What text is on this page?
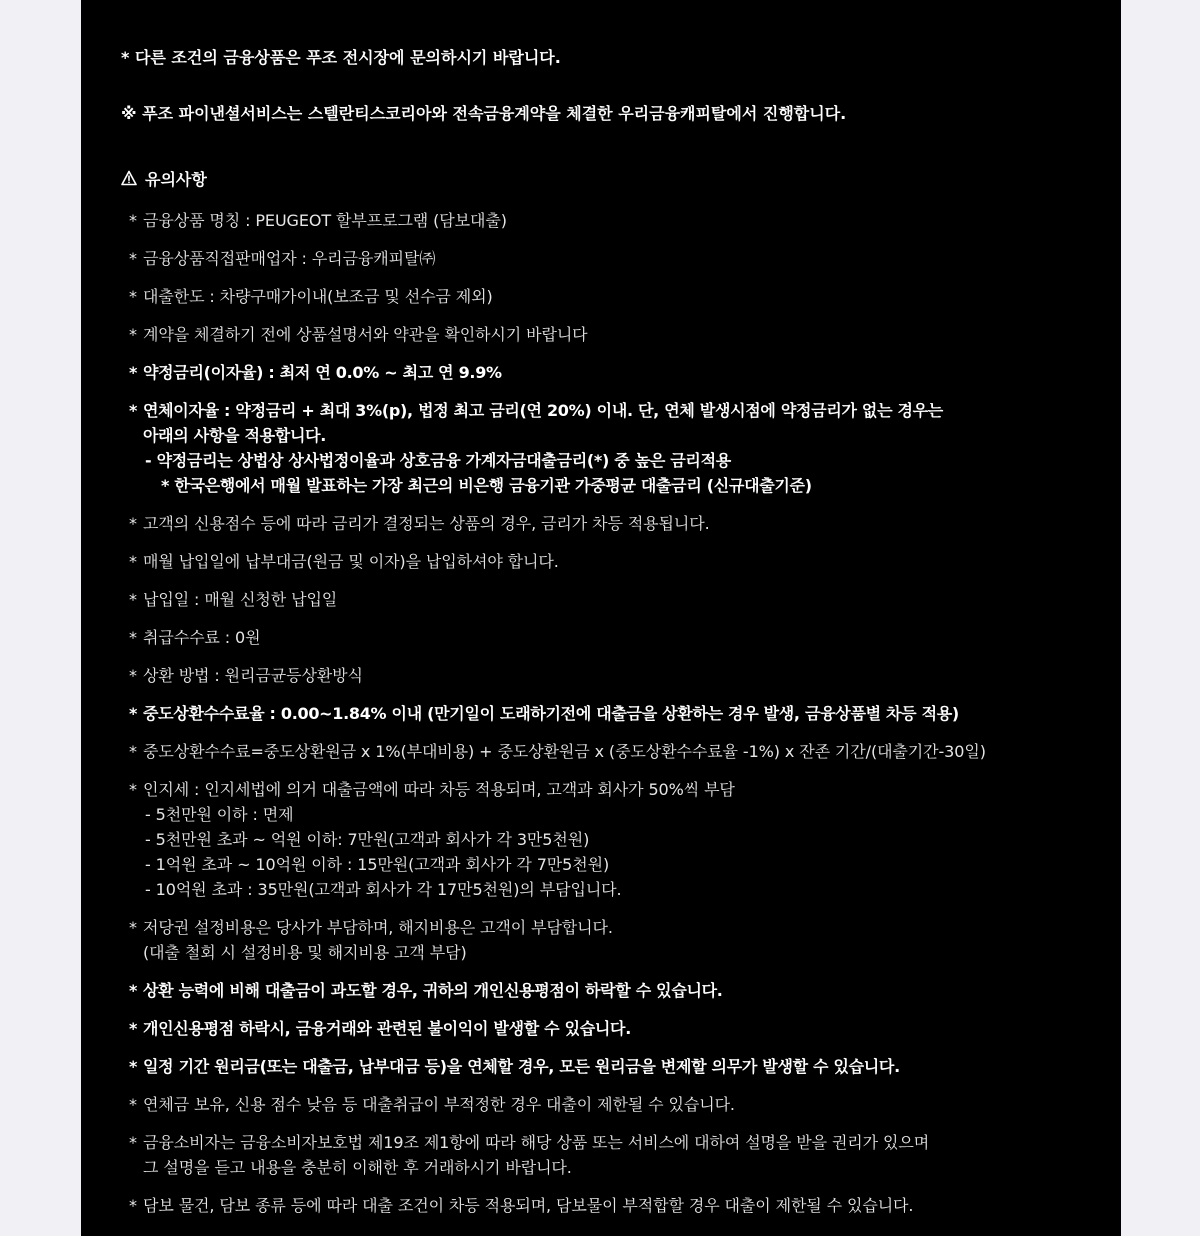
* 다른 조건의 금융상품은 푸조 전시장에 문의하시기 바랍니다.
※ 푸조 파이낸셜서비스는 스텔란티스코리아와 전속금융계약을 체결한 우리금융캐피탈에서 진행합니다.
유의사항
* 금융상품 명칭 : PEUGEOT 할부프로그램 (담보대출)
* 금융상품직접판매업자 : 우리금융캐피탈㈜
* 대출한도 : 차량구매가이내(보조금 및 선수금 제외)
* 계약을 체결하기 전에 상품설명서와 약관을 확인하시기 바랍니다
* 약정금리(이자율) : 최저 연 0.0% ~ 최고 연 9.9%
* 연체이자율 : 약정금리 + 최대 3%(p), 법정 최고 금리(연 20%) 이내. 단, 연체 발생시점에 약정금리가 없는 경우는
아래의 사항을 적용합니다.
- 약정금리는 상법상 상사법정이율과 상호금융 가계자금대출금리(*) 중 높은 금리적용
* 한국은행에서 매월 발표하는 가장 최근의 비은행 금융기관 가중평균 대출금리 (신규대출기준)
* 고객의 신용점수 등에 따라 금리가 결정되는 상품의 경우, 금리가 차등 적용됩니다.
* 매월 납입일에 납부대금(원금 및 이자)을 납입하셔야 합니다.
* 납입일 : 매월 신청한 납입일
* 취급수수료 : 0원
* 상환 방법 : 원리금균등상환방식
* 중도상환수수료율 : 0.00~1.84% 이내 (만기일이 도래하기전에 대출금을 상환하는 경우 발생, 금융상품별 차등 적용)
* 중도상환수수료=중도상환원금 x 1%(부대비용) + 중도상환원금 x (중도상환수수료율 -1%) x 잔존 기간/(대출기간-30일)
* 인지세 : 인지세법에 의거 대출금액에 따라 차등 적용되며, 고객과 회사가 50%씩 부담
- 5천만원 이하 : 면제
- 5천만원 초과 ~ 억원 이하: 7만원(고객과 회사가 각 3만5천원)
- 1억원 초과 ~ 10억원 이하 : 15만원(고객과 회사가 각 7만5천원)
- 10억원 초과 : 35만원(고객과 회사가 각 17만5천원)의 부담입니다.
* 저당권 설정비용은 당사가 부담하며, 해지비용은 고객이 부담합니다.
(대출 철회 시 설정비용 및 해지비용 고객 부담)
* 상환 능력에 비해 대출금이 과도할 경우, 귀하의 개인신용평점이 하락할 수 있습니다.
* 개인신용평점 하락시, 금융거래와 관련된 불이익이 발생할 수 있습니다.
* 일정 기간 원리금(또는 대출금, 납부대금 등)을 연체할 경우, 모든 원리금을 변제할 의무가 발생할 수 있습니다.
* 연체금 보유, 신용 점수 낮음 등 대출취급이 부적정한 경우 대출이 제한될 수 있습니다.
* 금융소비자는 금융소비자보호법 제19조 제1항에 따라 해당 상품 또는 서비스에 대하여 설명을 받을 권리가 있으며
그 설명을 듣고 내용을 충분히 이해한 후 거래하시기 바랍니다.
* 담보 물건, 담보 종류 등에 따라 대출 조건이 차등 적용되며, 담보물이 부적합할 경우 대출이 제한될 수 있습니다.
